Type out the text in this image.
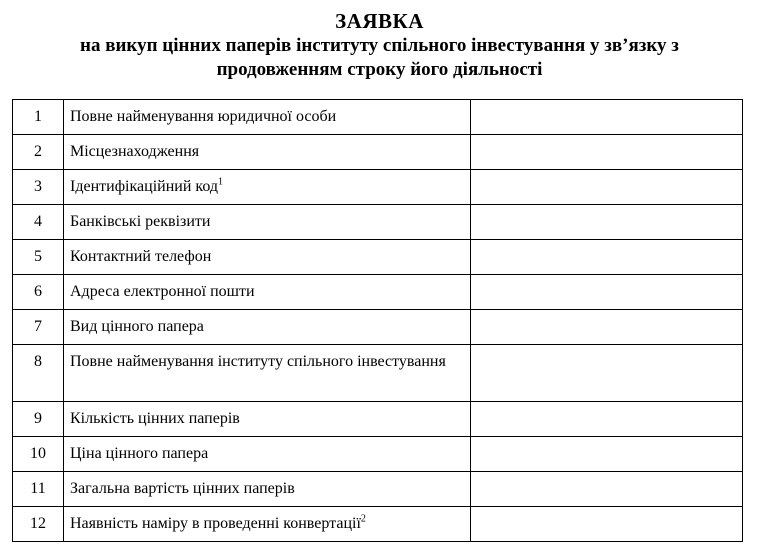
ЗАЯВКА
на викуп цінних паперів інституту спільного інвестування у зв’язку з
продовженням строку його діяльності
1	Повне найменування юридичної особи	
2	Місцезнаходження	
3	Ідентифікаційний код$^1$	
4	Банківські реквізити	
5	Контактний телефон	
6	Адреса електронної пошти	
7	Вид цінного папера	
8	Повне найменування інституту спільного інвестування	
9	Кількість цінних паперів	
10	Ціна цінного папера	
11	Загальна вартість цінних паперів	
12	Наявність наміру в проведенні конвертації$^2$	
